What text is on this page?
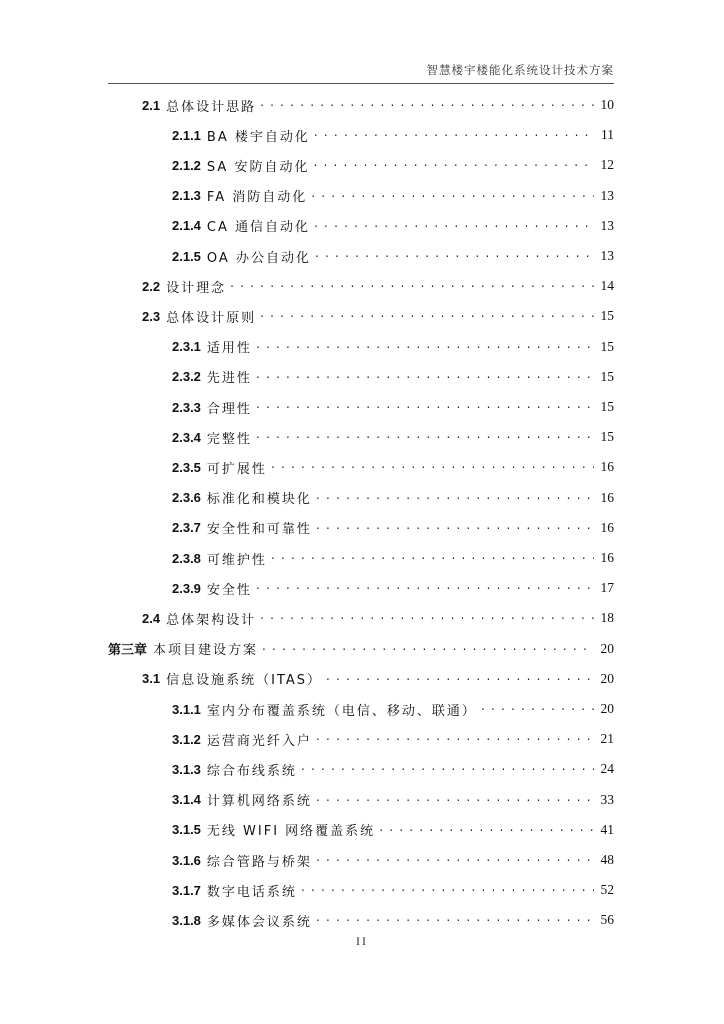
智慧楼宇楼能化系统设计技术方案
2.1 总体设计思路 . . .	10
2.1.1 BA 楼宇自动化 . . .	11
2.1.2 SA 安防自动化 . . .	12
2.1.3 FA 消防自动化 . . .	13
2.1.4 CA 通信自动化 . . .	13
2.1.5 OA 办公自动化 . . .	13
2.2 设计理念 . . .	14
2.3 总体设计原则 . . .	15
2.3.1 适用性 . . .	15
2.3.2 先进性 . . .	15
2.3.3 合理性 . . .	15
2.3.4 完整性 . . .	15
2.3.5 可扩展性 . . .	16
2.3.6 标准化和模块化 . . .	16
2.3.7 安全性和可靠性 . . .	16
2.3.8 可维护性 . . .	16
2.3.9 安全性 . . .	17
2.4 总体架构设计 . . .	18
第三章 本项目建设方案 . . .	20
3.1 信息设施系统（ITAS） . . .	20
3.1.1 室内分布覆盖系统（电信、移动、联通） . . .	20
3.1.2 运营商光纤入户 . . .	21
3.1.3 综合布线系统 . . .	24
3.1.4 计算机网络系统 . . .	33
3.1.5 无线 WIFI 网络覆盖系统 . . .	41
3.1.6 综合管路与桥架 . . .	48
3.1.7 数字电话系统 . . .	52
3.1.8 多媒体会议系统 . . .	56
II
